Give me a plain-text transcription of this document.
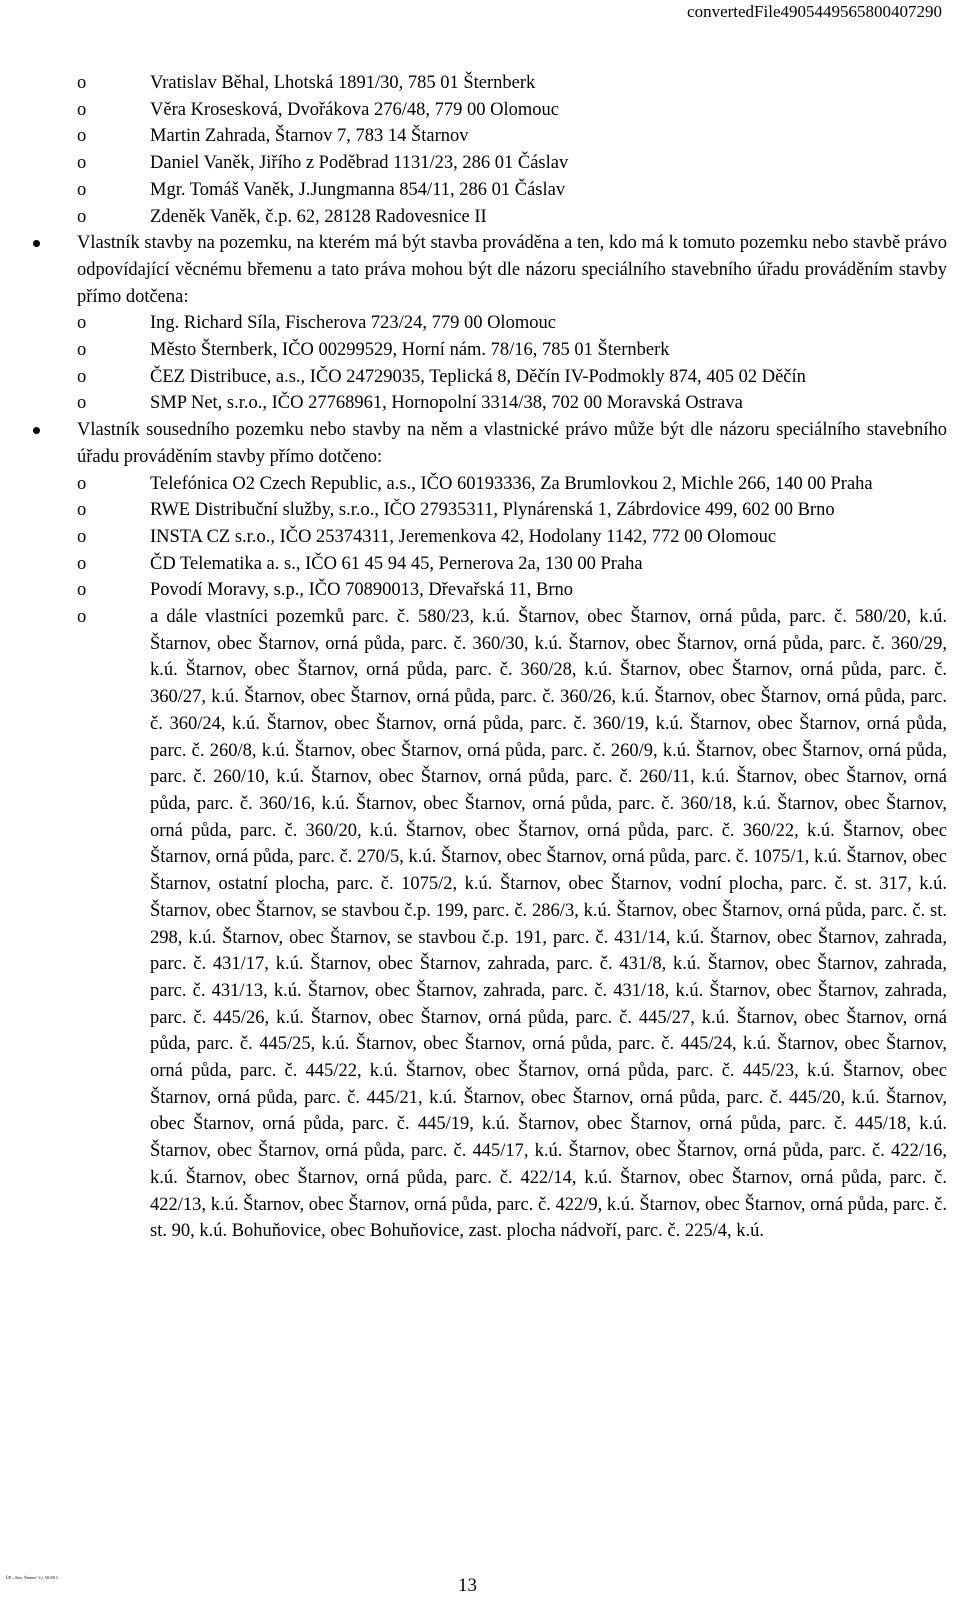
convertedFile4905449565800407290
o	Vratislav Běhal, Lhotská 1891/30, 785 01 Šternberk
o	Věra Krosesková, Dvořákova 276/48, 779 00 Olomouc
o	Martin Zahrada, Štarnov 7, 783 14 Štarnov
o	Daniel Vaněk, Jiřího z Poděbrad 1131/23, 286 01 Čáslav
o	Mgr. Tomáš Vaněk, J.Jungmanna 854/11, 286 01 Čáslav
o	Zdeněk Vaněk, č.p. 62, 28128 Radovesnice II
Vlastník stavby na pozemku, na kterém má být stavba prováděna a ten, kdo má k tomuto pozemku nebo stavbě právo odpovídající věcnému břemenu a tato práva mohou být dle názoru speciálního stavebního úřadu prováděním stavby přímo dotčena:
o	Ing. Richard Síla, Fischerova 723/24, 779 00 Olomouc
o	Město Šternberk, IČO 00299529, Horní nám. 78/16, 785 01 Šternberk
o	ČEZ Distribuce, a.s., IČO 24729035, Teplická 8, Děčín IV-Podmokly 874, 405 02 Děčín
o	SMP Net, s.r.o., IČO 27768961, Hornopolní 3314/38, 702 00 Moravská Ostrava
Vlastník sousedního pozemku nebo stavby na něm a vlastnické právo může být dle názoru speciálního stavebního úřadu prováděním stavby přímo dotčeno:
o	Telefónica O2 Czech Republic, a.s., IČO 60193336, Za Brumlovkou 2, Michle 266, 140 00 Praha
o	RWE Distribuční služby, s.r.o., IČO 27935311, Plynárenská 1, Zábrdovice 499, 602 00 Brno
o	INSTA CZ s.r.o., IČO 25374311, Jeremenkova 42, Hodolany 1142, 772 00 Olomouc
o	ČD Telematika a. s., IČO 61 45 94 45, Pernerova 2a, 130 00 Praha
o	Povodí Moravy, s.p., IČO 70890013, Dřevařská 11, Brno
o	a dále vlastníci pozemků parc. č. 580/23, k.ú. Štarnov, obec Štarnov, orná půda, parc. č. 580/20, k.ú. Štarnov, obec Štarnov, orná půda, parc. č. 360/30, k.ú. Štarnov, obec Štarnov, orná půda, parc. č. 360/29, k.ú. Štarnov, obec Štarnov, orná půda, parc. č. 360/28, k.ú. Štarnov, obec Štarnov, orná půda, parc. č. 360/27, k.ú. Štarnov, obec Štarnov, orná půda, parc. č. 360/26, k.ú. Štarnov, obec Štarnov, orná půda, parc. č. 360/24, k.ú. Štarnov, obec Štarnov, orná půda, parc. č. 360/19, k.ú. Štarnov, obec Štarnov, orná půda, parc. č. 260/8, k.ú. Štarnov, obec Štarnov, orná půda, parc. č. 260/9, k.ú. Štarnov, obec Štarnov, orná půda, parc. č. 260/10, k.ú. Štarnov, obec Štarnov, orná půda, parc. č. 260/11, k.ú. Štarnov, obec Štarnov, orná půda, parc. č. 360/16, k.ú. Štarnov, obec Štarnov, orná půda, parc. č. 360/18, k.ú. Štarnov, obec Štarnov, orná půda, parc. č. 360/20, k.ú. Štarnov, obec Štarnov, orná půda, parc. č. 360/22, k.ú. Štarnov, obec Štarnov, orná půda, parc. č. 270/5, k.ú. Štarnov, obec Štarnov, orná půda, parc. č. 1075/1, k.ú. Štarnov, obec Štarnov, ostatní plocha, parc. č. 1075/2, k.ú. Štarnov, obec Štarnov, vodní plocha, parc. č. st. 317, k.ú. Štarnov, obec Štarnov, se stavbou č.p. 199, parc. č. 286/3, k.ú. Štarnov, obec Štarnov, orná půda, parc. č. st. 298, k.ú. Štarnov, obec Štarnov, se stavbou č.p. 191, parc. č. 431/14, k.ú. Štarnov, obec Štarnov, zahrada, parc. č. 431/17, k.ú. Štarnov, obec Štarnov, zahrada, parc. č. 431/8, k.ú. Štarnov, obec Štarnov, zahrada, parc. č. 431/13, k.ú. Štarnov, obec Štarnov, zahrada, parc. č. 431/18, k.ú. Štarnov, obec Štarnov, zahrada, parc. č. 445/26, k.ú. Štarnov, obec Štarnov, orná půda, parc. č. 445/27, k.ú. Štarnov, obec Štarnov, orná půda, parc. č. 445/25, k.ú. Štarnov, obec Štarnov, orná půda, parc. č. 445/24, k.ú. Štarnov, obec Štarnov, orná půda, parc. č. 445/22, k.ú. Štarnov, obec Štarnov, orná půda, parc. č. 445/23, k.ú. Štarnov, obec Štarnov, orná půda, parc. č. 445/21, k.ú. Štarnov, obec Štarnov, orná půda, parc. č. 445/20, k.ú. Štarnov, obec Štarnov, orná půda, parc. č. 445/19, k.ú. Štarnov, obec Štarnov, orná půda, parc. č. 445/18, k.ú. Štarnov, obec Štarnov, orná půda, parc. č. 445/17, k.ú. Štarnov, obec Štarnov, orná půda, parc. č. 422/16, k.ú. Štarnov, obec Štarnov, orná půda, parc. č. 422/14, k.ú. Štarnov, obec Štarnov, orná půda, parc. č. 422/13, k.ú. Štarnov, obec Štarnov, orná půda, parc. č. 422/9, k.ú. Štarnov, obec Štarnov, orná půda, parc. č. st. 90, k.ú. Bohuňovice, obec Bohuňovice, zast. plocha nádvoří, parc. č. 225/4, k.ú.
ÚP – Stav. 'Štarnov' č.j. 58/2013	13
